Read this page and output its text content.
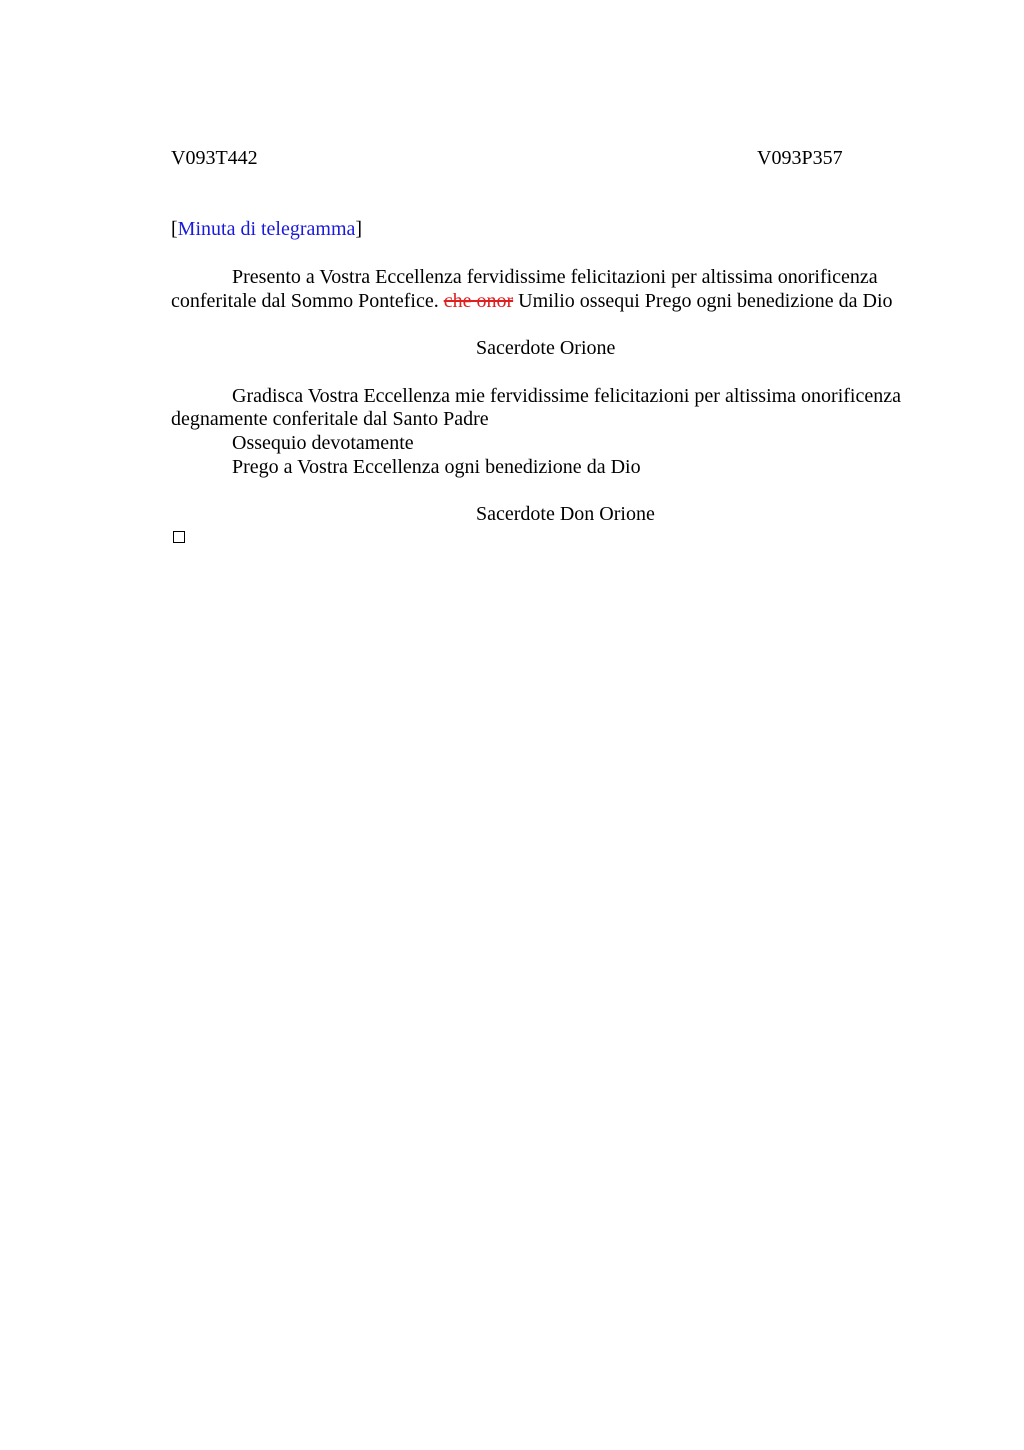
V093T442	V093P357
[Minuta di telegramma]
Presento a Vostra Eccellenza fervidissime felicitazioni per altissima onorificenza
conferitale dal Sommo Pontefice. che onor Umilio ossequi Prego ogni benedizione da Dio
Sacerdote Orione
Gradisca Vostra Eccellenza mie fervidissime felicitazioni per altissima onorificenza
degnamente conferitale dal Santo Padre
Ossequio devotamente
Prego a Vostra Eccellenza ogni benedizione da Dio
Sacerdote Don Orione
